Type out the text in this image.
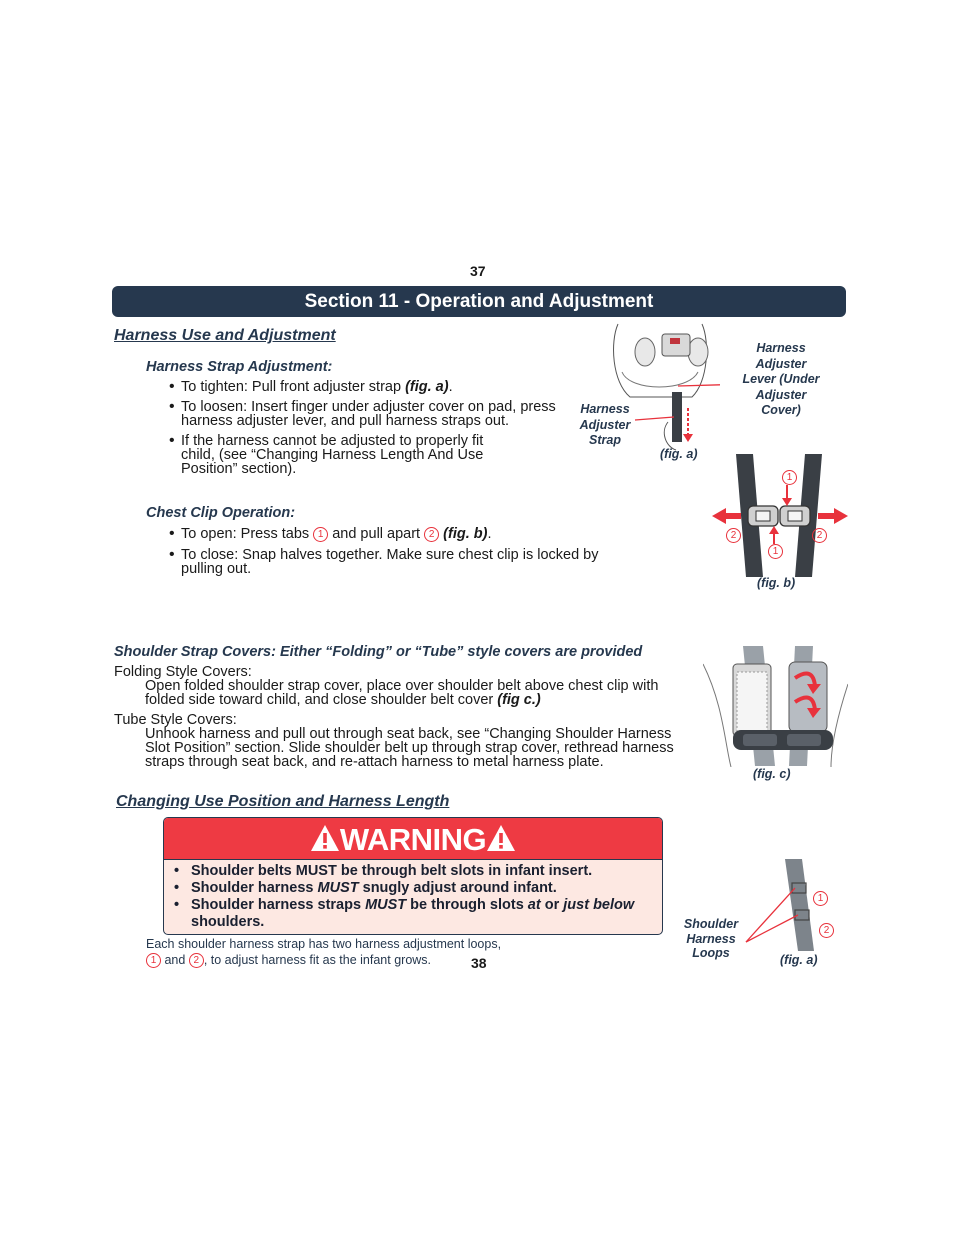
37
Section 11 - Operation and Adjustment
Harness Use and Adjustment
Harness Strap Adjustment:
• To tighten: Pull front adjuster strap (fig. a).
• To loosen: Insert finger under adjuster cover on pad, press harness adjuster lever, and pull harness straps out.
• If the harness cannot be adjusted to properly fit child, (see “Changing Harness Length And Use Position” section).
Chest Clip Operation:
• To open: Press tabs 1 and pull apart 2 (fig. b).
• To close: Snap halves together. Make sure chest clip is locked by pulling out.
Harness Adjuster Lever (Under Adjuster Cover)
Harness Adjuster Strap
(fig. a)
1
1
2	2
(fig. b)
Shoulder Strap Covers: Either “Folding” or “Tube” style covers are provided
Folding Style Covers:
Open folded shoulder strap cover, place over shoulder belt above chest clip with folded side toward child, and close shoulder belt cover (fig c.)
Tube Style Covers:
Unhook harness and pull out through seat back, see “Changing Shoulder Harness Slot Position” section. Slide shoulder belt up through strap cover, rethread harness straps through seat back, and re-attach harness to metal harness plate.
(fig. c)
Changing Use Position and Harness Length
WARNING
• Shoulder belts MUST be through belt slots in infant insert.
• Shoulder harness MUST snugly adjust around infant.
• Shoulder harness straps MUST be through slots at or just below shoulders.
Each shoulder harness strap has two harness adjustment loops,
1 and 2 , to adjust harness fit as the infant grows.	38
1
2
Shoulder Harness Loops	(fig. a)
